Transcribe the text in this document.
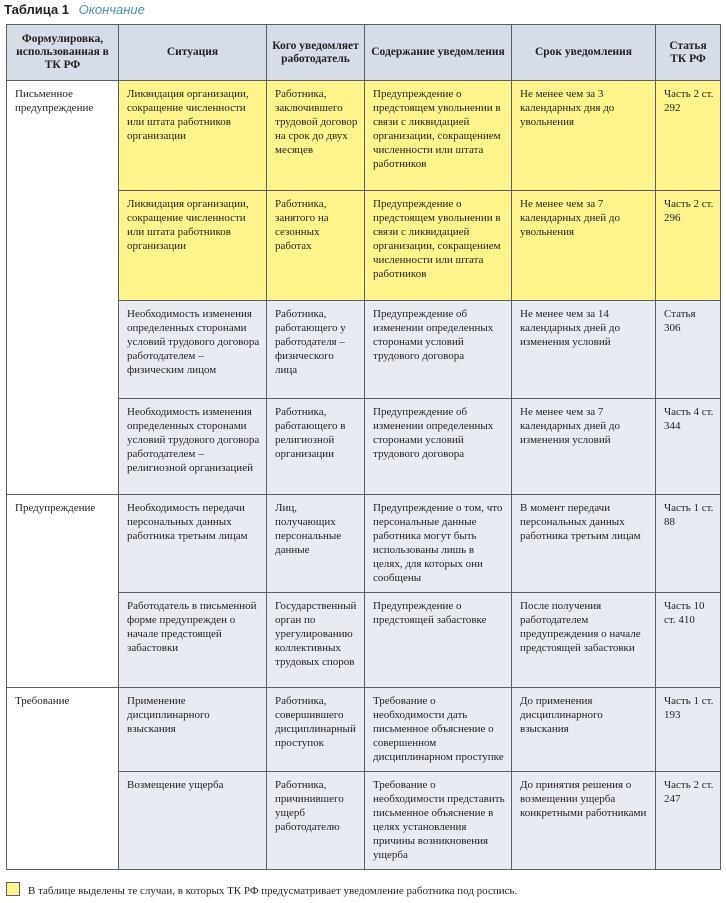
Таблица 1 Окончание
Формулировка, использованная в ТК РФ	Ситуация	Кого уведомляет работодатель	Содержание уведомления	Срок уведомления	Статья ТК РФ
Письменное предупреждение	Ликвидация организации, сокращение численности или штата работников организации	Работника, заключившего трудовой договор на срок до двух месяцев	Предупреждение о предстоящем увольнении в связи с ликвидацией организации, сокращением численности или штата работников	Не менее чем за 3 календарных дня до увольнения	Часть 2 ст. 292
	Ликвидация организации, сокращение численности или штата работников организации	Работника, занятого на сезонных работах	Предупреждение о предстоящем увольнении в связи с ликвидацией организации, сокращением численности или штата работников	Не менее чем за 7 календарных дней до увольнения	Часть 2 ст. 296
	Необходимость изменения определенных сторонами условий трудового договора работодателем – физическим лицом	Работника, работающего у работодателя – физического лица	Предупреждение об изменении определенных сторонами условий трудового договора	Не менее чем за 14 календарных дней до изменения условий	Статья 306
	Необходимость изменения определенных сторонами условий трудового договора работодателем – религиозной организацией	Работника, работающего в религиозной организации	Предупреждение об изменении определенных сторонами условий трудового договора	Не менее чем за 7 календарных дней до изменения условий	Часть 4 ст. 344
Предупреждение	Необходимость передачи персональных данных работника третьим лицам	Лиц, получающих персональные данные	Предупреждение о том, что персональные данные работника могут быть использованы лишь в целях, для которых они сообщены	В момент передачи персональных данных работника третьим лицам	Часть 1 ст. 88
	Работодатель в письменной форме предупрежден о начале предстоящей забастовки	Государственный орган по урегулированию коллективных трудовых споров	Предупреждение о предстоящей забастовке	После получения работодателем предупреждения о начале предстоящей забастовки	Часть 10 ст. 410
Требование	Применение дисциплинарного взыскания	Работника, совершившего дисциплинарный проступок	Требование о необходимости дать письменное объяснение о совершенном дисциплинарном проступке	До применения дисциплинарного взыскания	Часть 1 ст. 193
	Возмещение ущерба	Работника, причинившего ущерб работодателю	Требование о необходимости представить письменное объяснение в целях установления причины возникновения ущерба	До принятия решения о возмещении ущерба конкретными работниками	Часть 2 ст. 247
В таблице выделены те случаи, в которых ТК РФ предусматривает уведомление работника под роспись.
